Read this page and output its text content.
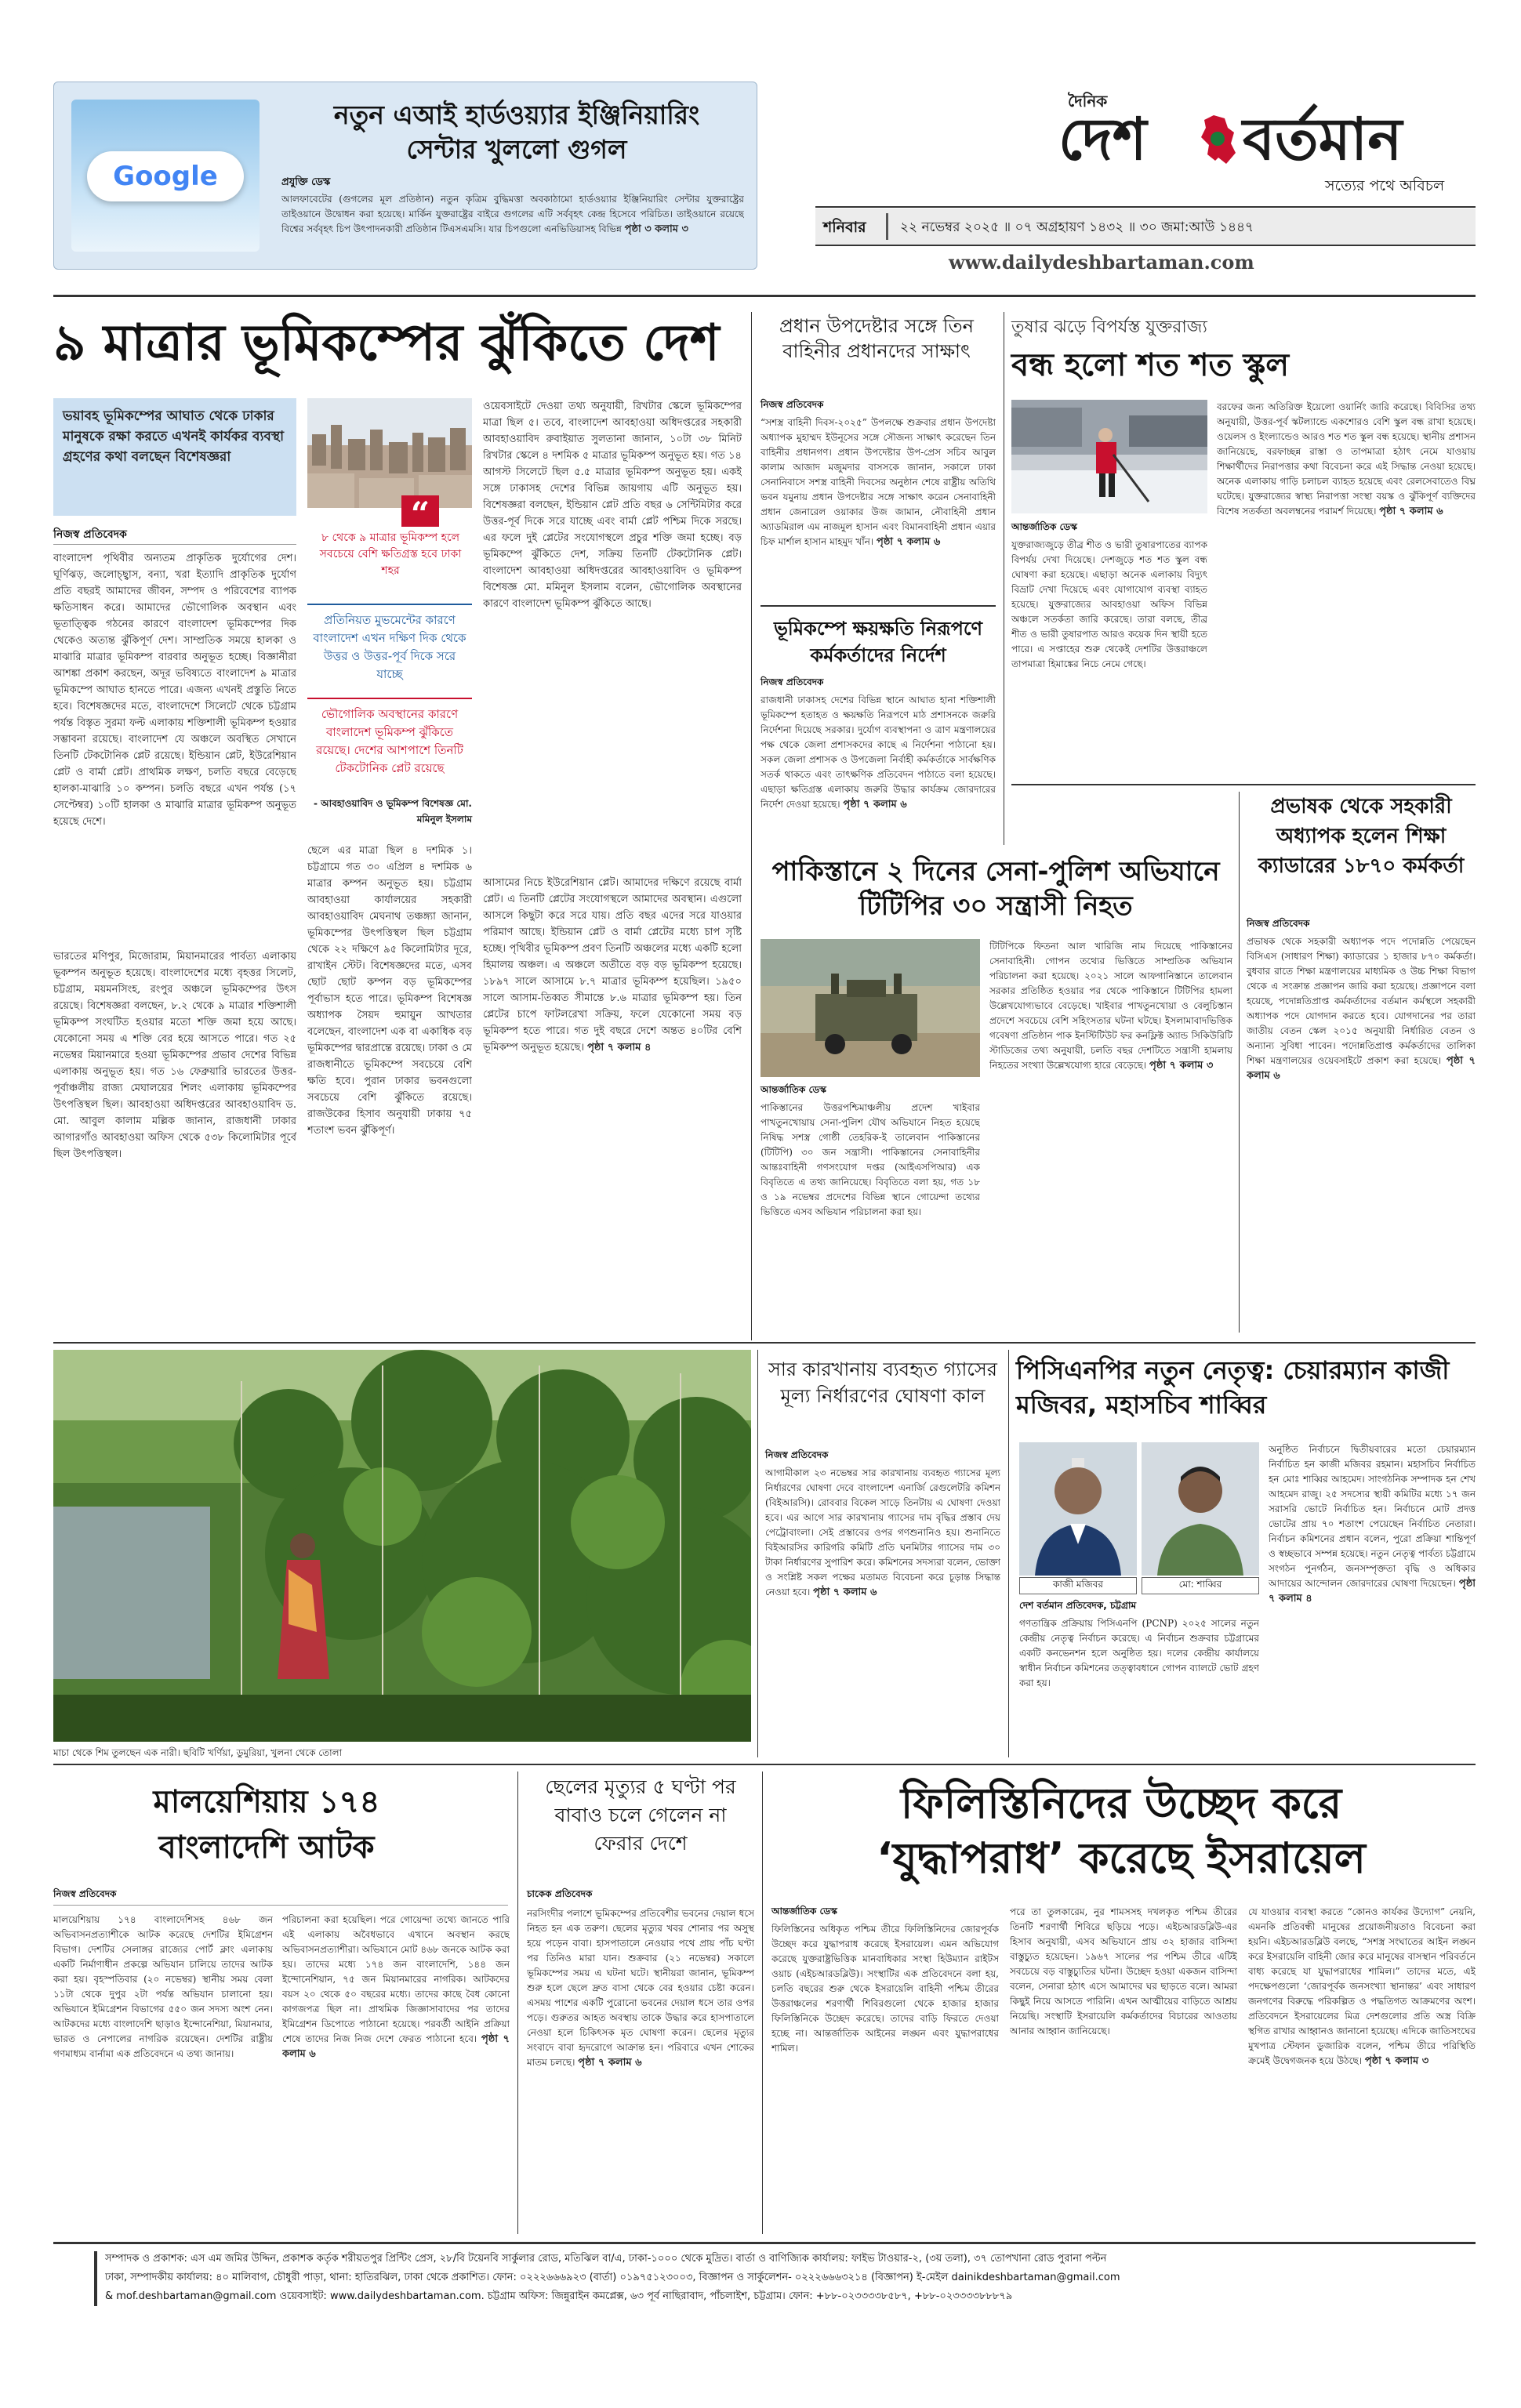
Google
নতুন এআই হার্ডওয়্যার ইঞ্জিনিয়ারিং সেন্টার খুললো গুগল
প্রযুক্তি ডেস্ক
আলফাবেটের (গুগলের মূল প্রতিষ্ঠান) নতুন কৃত্রিম বুদ্ধিমত্তা অবকাঠামো হার্ডওয়্যার ইঞ্জিনিয়ারিং সেন্টার যুক্তরাষ্ট্রের তাইওয়ানে উদ্বোধন করা হয়েছে। মার্কিন যুক্তরাষ্ট্রের বাইরে গুগলের এটি সর্ববৃহৎ কেন্দ্র হিসেবে পরিচিত। তাইওয়ানে রয়েছে বিশ্বের সর্ববৃহৎ চিপ উৎপাদনকারী প্রতিষ্ঠান টিএসএমসি। যার চিপগুলো এনভিডিয়াসহ বিভিন্ন পৃষ্ঠা ৩ কলাম ৩
দৈনিক
দেশ বর্তমান
সত্যের পথে অবিচল
শনিবার	২২ নভেম্বর ২০২৫ ॥ ০৭ অগ্রহায়ণ ১৪৩২ ॥ ৩০ জমা:আউ ১৪৪৭
www.dailydeshbartaman.com
৯ মাত্রার ভূমিকম্পের ঝুঁকিতে দেশ
ভয়াবহ ভূমিকম্পের আঘাত থেকে ঢাকার মানুষকে রক্ষা করতে এখনই কার্যকর ব্যবস্থা গ্রহণের কথা বলছেন বিশেষজ্ঞরা
নিজস্ব প্রতিবেদক
“
৮ থেকে ৯ মাত্রার ভূমিকম্প হলে সবচেয়ে বেশি ক্ষতিগ্রস্ত হবে ঢাকা শহর
প্রতিনিয়ত মুভমেন্টের কারণে বাংলাদেশ এখন দক্ষিণ দিক থেকে উত্তর ও উত্তর-পূর্ব দিকে সরে যাচ্ছে
ভৌগোলিক অবস্থানের কারণে বাংলাদেশ ভূমিকম্প ঝুঁকিতে রয়েছে। দেশের আশপাশে তিনটি টেকটোনিক প্লেট রয়েছে
- আবহাওয়াবিদ ও ভূমিকম্প বিশেষজ্ঞ মো. মমিনুল ইসলাম
বাংলাদেশ পৃথিবীর অন্যতম প্রাকৃতিক দুর্যোগের দেশ। ঘূর্ণিঝড়, জলোচ্ছ্বাস, বন্যা, খরা ইত্যাদি প্রাকৃতিক দুর্যোগ প্রতি বছরই আমাদের জীবন, সম্পদ ও পরিবেশের ব্যাপক ক্ষতিসাধন করে। আমাদের ভৌগোলিক অবস্থান এবং ভূতাত্ত্বিক গঠনের কারণে বাংলাদেশ ভূমিকম্পের দিক থেকেও অত্যন্ত ঝুঁকিপূর্ণ দেশ। সাম্প্রতিক সময়ে হালকা ও মাঝারি মাত্রার ভূমিকম্প বারবার অনুভূত হচ্ছে। বিজ্ঞানীরা আশঙ্কা প্রকাশ করছেন, অদূর ভবিষ্যতে বাংলাদেশ ৯ মাত্রার ভূমিকম্পে আঘাত হানতে পারে। এজন্য এখনই প্রস্তুতি নিতে হবে। বিশেষজ্ঞদের মতে, বাংলাদেশে সিলেটে থেকে চট্টগ্রাম পর্যন্ত বিস্তৃত সুরমা ফল্ট এলাকায় শক্তিশালী ভূমিকম্প হওয়ার সম্ভাবনা রয়েছে। বাংলাদেশ যে অঞ্চলে অবস্থিত সেখানে তিনটি টেকটোনিক প্লেট রয়েছে। ইন্ডিয়ান প্লেট, ইউরেশিয়ান প্লেট ও বার্মা প্লেট। প্রাথমিক লক্ষণ, চলতি বছরে বেড়েছে হালকা-মাঝারি ১০ কম্পন। চলতি বছরে এখন পর্যন্ত (১৭ সেপ্টেম্বর) ১০টি হালকা ও মাঝারি মাত্রার ভূমিকম্প অনুভূত হয়েছে দেশে।
ভারতের মণিপুর, মিজোরাম, মিয়ানমারের পার্বত্য এলাকায় ভূকম্পন অনুভূত হয়েছে। বাংলাদেশের মধ্যে বৃহত্তর সিলেট, চট্টগ্রাম, ময়মনসিংহ, রংপুর অঞ্চলে ভূমিকম্পের উৎস রয়েছে। বিশেষজ্ঞরা বলছেন, ৮.২ থেকে ৯ মাত্রার শক্তিশালী ভূমিকম্প সংঘটিত হওয়ার মতো শক্তি জমা হয়ে আছে। যেকোনো সময় এ শক্তি বের হয়ে আসতে পারে। গত ২৫ নভেম্বর মিয়ানমারে হওয়া ভূমিকম্পের প্রভাব দেশের বিভিন্ন এলাকায় অনুভূত হয়। গত ১৬ ফেব্রুয়ারি ভারতের উত্তর-পূর্বাঞ্চলীয় রাজ্য মেঘালয়ের শিলং এলাকায় ভূমিকম্পের উৎপত্তিস্থল ছিল। আবহাওয়া অধিদপ্তরের আবহাওয়াবিদ ড. মো. আবুল কালাম মল্লিক জানান, রাজধানী ঢাকার আগারগাঁও আবহাওয়া অফিস থেকে ৫৩৮ কিলোমিটার পূর্বে ছিল উৎপত্তিস্থল।
ছেলে এর মাত্রা ছিল ৪ দশমিক ১। চট্টগ্রামে গত ৩০ এপ্রিল ৪ দশমিক ৬ মাত্রার কম্পন অনুভূত হয়। চট্টগ্রাম আবহাওয়া কার্যালয়ের সহকারী আবহাওয়াবিদ মেঘনাথ তঞ্চঙ্গ্যা জানান, ভূমিকম্পের উৎপত্তিস্থল ছিল চট্টগ্রাম থেকে ২২ দক্ষিণে ৯৫ কিলোমিটার দূরে, রাখাইন স্টেট। বিশেষজ্ঞদের মতে, এসব ছোট ছোট কম্পন বড় ভূমিকম্পের পূর্বাভাস হতে পারে। ভূমিকম্প বিশেষজ্ঞ অধ্যাপক সৈয়দ হুমায়ুন আখতার বলেছেন, বাংলাদেশ এক বা একাধিক বড় ভূমিকম্পের দ্বারপ্রান্তে রয়েছে। ঢাকা ও মে রাজধানীতে ভূমিকম্পে সবচেয়ে বেশি ক্ষতি হবে। পুরান ঢাকার ভবনগুলো সবচেয়ে বেশি ঝুঁকিতে রয়েছে। রাজউকের হিসাব অনুযায়ী ঢাকায় ৭৫ শতাংশ ভবন ঝুঁকিপূর্ণ।
ওয়েবসাইটে দেওয়া তথ্য অনুযায়ী, রিখটার স্কেলে ভূমিকম্পের মাত্রা ছিল ৫। তবে, বাংলাদেশ আবহাওয়া অধিদপ্তরের সহকারী আবহাওয়াবিদ রুবাইয়াত সুলতানা জানান, ১০টা ৩৮ মিনিট রিখটার স্কেলে ৪ দশমিক ৫ মাত্রার ভূমিকম্প অনুভূত হয়। গত ১৪ আগস্ট সিলেটে ছিল ৫.৫ মাত্রার ভূমিকম্প অনুভূত হয়। একই সঙ্গে ঢাকাসহ দেশের বিভিন্ন জায়গায় এটি অনুভূত হয়। বিশেষজ্ঞরা বলছেন, ইন্ডিয়ান প্লেট প্রতি বছর ৬ সেন্টিমিটার করে উত্তর-পূর্ব দিকে সরে যাচ্ছে এবং বার্মা প্লেট পশ্চিম দিকে সরছে। এর ফলে দুই প্লেটের সংযোগস্থলে প্রচুর শক্তি জমা হচ্ছে। বড় ভূমিকম্পে ঝুঁকিতে দেশ, সক্রিয় তিনটি টেকটোনিক প্লেট। বাংলাদেশ আবহাওয়া অধিদপ্তরের আবহাওয়াবিদ ও ভূমিকম্প বিশেষজ্ঞ মো. মমিনুল ইসলাম বলেন, ভৌগোলিক অবস্থানের কারণে বাংলাদেশ ভূমিকম্প ঝুঁকিতে আছে।
আসামের নিচে ইউরেশিয়ান প্লেট। আমাদের দক্ষিণে রয়েছে বার্মা প্লেট। এ তিনটি প্লেটের সংযোগস্থলে আমাদের অবস্থান। এগুলো আসলে কিছুটা করে সরে যায়। প্রতি বছর এদের সরে যাওয়ার পরিমাণ আছে। ইন্ডিয়ান প্লেট ও বার্মা প্লেটের মধ্যে চাপ সৃষ্টি হচ্ছে। পৃথিবীর ভূমিকম্প প্রবণ তিনটি অঞ্চলের মধ্যে একটি হলো হিমালয় অঞ্চল। এ অঞ্চলে অতীতে বড় বড় ভূমিকম্প হয়েছে। ১৮৯৭ সালে আসামে ৮.৭ মাত্রার ভূমিকম্প হয়েছিল। ১৯৫০ সালে আসাম-তিব্বত সীমান্তে ৮.৬ মাত্রার ভূমিকম্প হয়। তিন প্লেটের চাপে ফাটলরেখা সক্রিয়, ফলে যেকোনো সময় বড় ভূমিকম্প হতে পারে। গত দুই বছরে দেশে অন্তত ৪০টির বেশি ভূমিকম্প অনুভূত হয়েছে। পৃষ্ঠা ৭ কলাম ৪
প্রধান উপদেষ্টার সঙ্গে তিন বাহিনীর প্রধানদের সাক্ষাৎ
নিজস্ব প্রতিবেদক
“সশস্ত্র বাহিনী দিবস-২০২৫” উপলক্ষে শুক্রবার প্রধান উপদেষ্টা অধ্যাপক মুহাম্মদ ইউনূসের সঙ্গে সৌজন্য সাক্ষাৎ করেছেন তিন বাহিনীর প্রধানগণ। প্রধান উপদেষ্টার উপ-প্রেস সচিব আবুল কালাম আজাদ মজুমদার বাসসকে জানান, সকালে ঢাকা সেনানিবাসে সশস্ত্র বাহিনী দিবসের অনুষ্ঠান শেষে রাষ্ট্রীয় অতিথি ভবন যমুনায় প্রধান উপদেষ্টার সঙ্গে সাক্ষাৎ করেন সেনাবাহিনী প্রধান জেনারেল ওয়াকার উজ জামান, নৌবাহিনী প্রধান অ্যাডমিরাল এম নাজমুল হাসান এবং বিমানবাহিনী প্রধান এয়ার চিফ মার্শাল হাসান মাহমুদ খাঁন। পৃষ্ঠা ৭ কলাম ৬
ভূমিকম্পে ক্ষয়ক্ষতি নিরূপণে কর্মকর্তাদের নির্দেশ
নিজস্ব প্রতিবেদক
রাজধানী ঢাকাসহ দেশের বিভিন্ন স্থানে আঘাত হানা শক্তিশালী ভূমিকম্পে হতাহত ও ক্ষয়ক্ষতি নিরূপণে মাঠ প্রশাসনকে জরুরি নির্দেশনা দিয়েছে সরকার। দুর্যোগ ব্যবস্থাপনা ও ত্রাণ মন্ত্রণালয়ের পক্ষ থেকে জেলা প্রশাসকদের কাছে এ নির্দেশনা পাঠানো হয়। সকল জেলা প্রশাসক ও উপজেলা নির্বাহী কর্মকর্তাকে সার্বক্ষণিক সতর্ক থাকতে এবং তাৎক্ষণিক প্রতিবেদন পাঠাতে বলা হয়েছে। এছাড়া ক্ষতিগ্রস্ত এলাকায় জরুরি উদ্ধার কার্যক্রম জোরদারের নির্দেশ দেওয়া হয়েছে। পৃষ্ঠা ৭ কলাম ৬
তুষার ঝড়ে বিপর্যস্ত যুক্তরাজ্য
বন্ধ হলো শত শত স্কুল
আন্তর্জাতিক ডেস্ক
যুক্তরাজ্যজুড়ে তীব্র শীত ও ভারী তুষারপাতের ব্যাপক বিপর্যয় দেখা দিয়েছে। দেশজুড়ে শত শত স্কুল বন্ধ ঘোষণা করা হয়েছে। এছাড়া অনেক এলাকায় বিদ্যুৎ বিভ্রাট দেখা দিয়েছে এবং যোগাযোগ ব্যবস্থা ব্যাহত হয়েছে। যুক্তরাজ্যের আবহাওয়া অফিস বিভিন্ন অঞ্চলে সতর্কতা জারি করেছে। তারা বলছে, তীব্র শীত ও ভারী তুষারপাত আরও কয়েক দিন স্থায়ী হতে পারে। এ সপ্তাহের শুরু থেকেই দেশটির উত্তরাঞ্চলে তাপমাত্রা হিমাঙ্কের নিচে নেমে গেছে।
বরফের জন্য অতিরিক্ত ইয়েলো ওয়ার্নিং জারি করেছে। বিবিসির তথ্য অনুযায়ী, উত্তর-পূর্ব স্কটল্যান্ডে একশোরও বেশি স্কুল বন্ধ রাখা হয়েছে। ওয়েলস ও ইংল্যান্ডেও আরও শত শত স্কুল বন্ধ হয়েছে। স্থানীয় প্রশাসন জানিয়েছে, বরফাচ্ছন্ন রাস্তা ও তাপমাত্রা হঠাৎ নেমে যাওয়ায় শিক্ষার্থীদের নিরাপত্তার কথা বিবেচনা করে এই সিদ্ধান্ত নেওয়া হয়েছে। অনেক এলাকায় গাড়ি চলাচল ব্যাহত হয়েছে এবং রেলসেবাতেও বিঘ্ন ঘটেছে। যুক্তরাজ্যের স্বাস্থ্য নিরাপত্তা সংস্থা বয়স্ক ও ঝুঁকিপূর্ণ ব্যক্তিদের বিশেষ সতর্কতা অবলম্বনের পরামর্শ দিয়েছে। পৃষ্ঠা ৭ কলাম ৬
প্রভাষক থেকে সহকারী অধ্যাপক হলেন শিক্ষা ক্যাডারের ১৮৭০ কর্মকর্তা
নিজস্ব প্রতিবেদক
প্রভাষক থেকে সহকারী অধ্যাপক পদে পদোন্নতি পেয়েছেন বিসিএস (সাধারণ শিক্ষা) ক্যাডারের ১ হাজার ৮৭০ কর্মকর্তা। বুধবার রাতে শিক্ষা মন্ত্রণালয়ের মাধ্যমিক ও উচ্চ শিক্ষা বিভাগ থেকে এ সংক্রান্ত প্রজ্ঞাপন জারি করা হয়েছে। প্রজ্ঞাপনে বলা হয়েছে, পদোন্নতিপ্রাপ্ত কর্মকর্তাদের বর্তমান কর্মস্থলে সহকারী অধ্যাপক পদে যোগদান করতে হবে। যোগদানের পর তারা জাতীয় বেতন স্কেল ২০১৫ অনুযায়ী নির্ধারিত বেতন ও অন্যান্য সুবিধা পাবেন। পদোন্নতিপ্রাপ্ত কর্মকর্তাদের তালিকা শিক্ষা মন্ত্রণালয়ের ওয়েবসাইটে প্রকাশ করা হয়েছে। পৃষ্ঠা ৭ কলাম ৬
পাকিস্তানে ২ দিনের সেনা-পুলিশ অভিযানে টিটিপির ৩০ সন্ত্রাসী নিহত
আন্তর্জাতিক ডেস্ক
পাকিস্তানের উত্তরপশ্চিমাঞ্চলীয় প্রদেশ খাইবার পাখতুনখোয়ায় সেনা-পুলিশ যৌথ অভিযানে নিহত হয়েছে নিষিদ্ধ সশস্ত্র গোষ্ঠী তেহরিক-ই তালেবান পাকিস্তানের (টিটিপি) ৩০ জন সন্ত্রাসী। পাকিস্তানের সেনাবাহিনীর আন্তঃবাহিনী গণসংযোগ দপ্তর (আইএসপিআর) এক বিবৃতিতে এ তথ্য জানিয়েছে। বিবৃতিতে বলা হয়, গত ১৮ ও ১৯ নভেম্বর প্রদেশের বিভিন্ন স্থানে গোয়েন্দা তথ্যের ভিত্তিতে এসব অভিযান পরিচালনা করা হয়।
টিটিপিকে ফিতনা আল খারিজি নাম দিয়েছে পাকিস্তানের সেনাবাহিনী। গোপন তথ্যের ভিত্তিতে সাম্প্রতিক অভিযান পরিচালনা করা হয়েছে। ২০২১ সালে আফগানিস্তানে তালেবান সরকার প্রতিষ্ঠিত হওয়ার পর থেকে পাকিস্তানে টিটিপির হামলা উল্লেখযোগ্যভাবে বেড়েছে। খাইবার পাখতুনখোয়া ও বেলুচিস্তান প্রদেশে সবচেয়ে বেশি সহিংসতার ঘটনা ঘটছে। ইসলামাবাদভিত্তিক গবেষণা প্রতিষ্ঠান পাক ইনস্টিটিউট ফর কনফ্লিক্ট অ্যান্ড সিকিউরিটি স্টাডিজের তথ্য অনুযায়ী, চলতি বছর দেশটিতে সন্ত্রাসী হামলায় নিহতের সংখ্যা উল্লেখযোগ্য হারে বেড়েছে। পৃষ্ঠা ৭ কলাম ৩
মাচা থেকে শিম তুলছেন এক নারী। ছবিটি খর্ণিয়া, ডুমুরিয়া, খুলনা থেকে তোলা
সার কারখানায় ব্যবহৃত গ্যাসের মূল্য নির্ধারণের ঘোষণা কাল
নিজস্ব প্রতিবেদক
আগামীকাল ২৩ নভেম্বর সার কারখানায় ব্যবহৃত গ্যাসের মূল্য নির্ধারণের ঘোষণা দেবে বাংলাদেশ এনার্জি রেগুলেটরি কমিশন (বিইআরসি)। রোববার বিকেল সাড়ে তিনটায় এ ঘোষণা দেওয়া হবে। এর আগে সার কারখানায় গ্যাসের দাম বৃদ্ধির প্রস্তাব দেয় পেট্রোবাংলা। সেই প্রস্তাবের ওপর গণশুনানিও হয়। শুনানিতে বিইআরসির কারিগরি কমিটি প্রতি ঘনমিটার গ্যাসের দাম ৩০ টাকা নির্ধারণের সুপারিশ করে। কমিশনের সদস্যরা বলেন, ভোক্তা ও সংশ্লিষ্ট সকল পক্ষের মতামত বিবেচনা করে চূড়ান্ত সিদ্ধান্ত নেওয়া হবে। পৃষ্ঠা ৭ কলাম ৬
পিসিএনপির নতুন নেতৃত্ব: চেয়ারম্যান কাজী মজিবর, মহাসচিব শাব্বির
কাজী মজিবর	মো: শাব্বির
দেশ বর্তমান প্রতিবেদক, চট্টগ্রাম
গণতান্ত্রিক প্রক্রিয়ায় পিসিএনপি (PCNP) ২০২৫ সালের নতুন কেন্দ্রীয় নেতৃত্ব নির্বাচন করেছে। এ নির্বাচন শুক্রবার চট্টগ্রামের একটি কনভেনশন হলে অনুষ্ঠিত হয়। দলের কেন্দ্রীয় কার্যালয়ে স্বাধীন নির্বাচন কমিশনের তত্ত্বাবধানে গোপন ব্যালটে ভোট গ্রহণ করা হয়।
অনুষ্ঠিত নির্বাচনে দ্বিতীয়বারের মতো চেয়ারম্যান নির্বাচিত হন কাজী মজিবর রহমান। মহাসচিব নির্বাচিত হন মোঃ শাব্বির আহমেদ। সাংগঠনিক সম্পাদক হন শেখ আহমেদ রাজু। ২৫ সদস্যের স্থায়ী কমিটির মধ্যে ১৭ জন সরাসরি ভোটে নির্বাচিত হন। নির্বাচনে মোট প্রদত্ত ভোটের প্রায় ৭০ শতাংশ পেয়েছেন নির্বাচিত নেতারা। নির্বাচন কমিশনের প্রধান বলেন, পুরো প্রক্রিয়া শান্তিপূর্ণ ও স্বচ্ছভাবে সম্পন্ন হয়েছে। নতুন নেতৃত্ব পার্বত্য চট্টগ্রামে সংগঠন পুনর্গঠন, জনসম্পৃক্ততা বৃদ্ধি ও অধিকার আদায়ের আন্দোলন জোরদারের ঘোষণা দিয়েছেন। পৃষ্ঠা ৭ কলাম ৪
মালয়েশিয়ায় ১৭৪ বাংলাদেশি আটক
নিজস্ব প্রতিবেদক
মালয়েশিয়ায় ১৭৪ বাংলাদেশিসহ ৪৬৮ জন অভিবাসনপ্রত্যাশীকে আটক করেছে দেশটির ইমিগ্রেশন বিভাগ। দেশটির সেলাঙ্গর রাজ্যের পোর্ট ক্লাং এলাকায় একটি নির্মাণাধীন প্রকল্পে অভিযান চালিয়ে তাদের আটক করা হয়। বৃহস্পতিবার (২০ নভেম্বর) স্থানীয় সময় বেলা ১১টা থেকে দুপুর ২টা পর্যন্ত অভিযান চালানো হয়। অভিযানে ইমিগ্রেশন বিভাগের ৫৫০ জন সদস্য অংশ নেন। আটকদের মধ্যে বাংলাদেশি ছাড়াও ইন্দোনেশিয়া, মিয়ানমার, ভারত ও নেপালের নাগরিক রয়েছেন। দেশটির রাষ্ট্রীয় গণমাধ্যম বার্নামা এক প্রতিবেদনে এ তথ্য জানায়।
পরিচালনা করা হয়েছিল। পরে গোয়েন্দা তথ্যে জানতে পারি এই এলাকায় অবৈধভাবে এখানে অবস্থান করছে অভিবাসনপ্রত্যাশীরা। অভিযানে মোট ৪৬৮ জনকে আটক করা হয়। তাদের মধ্যে ১৭৪ জন বাংলাদেশি, ১৪৪ জন ইন্দোনেশিয়ান, ৭৫ জন মিয়ানমারের নাগরিক। আটকদের বয়স ২০ থেকে ৫০ বছরের মধ্যে। তাদের কাছে বৈধ কোনো কাগজপত্র ছিল না। প্রাথমিক জিজ্ঞাসাবাদের পর তাদের ইমিগ্রেশন ডিপোতে পাঠানো হয়েছে। পরবর্তী আইনি প্রক্রিয়া শেষে তাদের নিজ নিজ দেশে ফেরত পাঠানো হবে। পৃষ্ঠা ৭ কলাম ৬
ছেলের মৃত্যুর ৫ ঘণ্টা পর বাবাও চলে গেলেন না ফেরার দেশে
চাকেক প্রতিবেদক
নরসিংদীর পলাশে ভূমিকম্পের প্রতিবেশীর ভবনের দেয়াল ধসে নিহত হন এক তরুণ। ছেলের মৃত্যুর খবর শোনার পর অসুস্থ হয়ে পড়েন বাবা। হাসপাতালে নেওয়ার পথে প্রায় পাঁচ ঘণ্টা পর তিনিও মারা যান। শুক্রবার (২১ নভেম্বর) সকালে ভূমিকম্পের সময় এ ঘটনা ঘটে। স্থানীয়রা জানান, ভূমিকম্প শুরু হলে ছেলে দ্রুত বাসা থেকে বের হওয়ার চেষ্টা করেন। এসময় পাশের একটি পুরোনো ভবনের দেয়াল ধসে তার ওপর পড়ে। গুরুতর আহত অবস্থায় তাকে উদ্ধার করে হাসপাতালে নেওয়া হলে চিকিৎসক মৃত ঘোষণা করেন। ছেলের মৃত্যুর সংবাদে বাবা হৃদরোগে আক্রান্ত হন। পরিবারে এখন শোকের মাতম চলছে। পৃষ্ঠা ৭ কলাম ৬
ফিলিস্তিনিদের উচ্ছেদ করে ‘যুদ্ধাপরাধ’ করেছে ইসরায়েল
আন্তর্জাতিক ডেস্ক
ফিলিস্তিনের অধিকৃত পশ্চিম তীরে ফিলিস্তিনিদের জোরপূর্বক উচ্ছেদ করে যুদ্ধাপরাধ করেছে ইসরায়েল। এমন অভিযোগ করেছে যুক্তরাষ্ট্রভিত্তিক মানবাধিকার সংস্থা হিউম্যান রাইটস ওয়াচ (এইচআরডব্লিউ)। সংস্থাটির এক প্রতিবেদনে বলা হয়, চলতি বছরের শুরু থেকে ইসরায়েলি বাহিনী পশ্চিম তীরের উত্তরাঞ্চলের শরণার্থী শিবিরগুলো থেকে হাজার হাজার ফিলিস্তিনিকে উচ্ছেদ করেছে। তাদের বাড়ি ফিরতে দেওয়া হচ্ছে না। আন্তর্জাতিক আইনের লঙ্ঘন এবং যুদ্ধাপরাধের শামিল।
পরে তা তুলকারেম, নুর শামসসহ দখলকৃত পশ্চিম তীরের তিনটি শরণার্থী শিবিরে ছড়িয়ে পড়ে। এইচআরডব্লিউ-এর হিসাব অনুযায়ী, এসব অভিযানে প্রায় ৩২ হাজার বাসিন্দা বাস্তুচ্যুত হয়েছেন। ১৯৬৭ সালের পর পশ্চিম তীরে এটিই সবচেয়ে বড় বাস্তুচ্যুতির ঘটনা। উচ্ছেদ হওয়া একজন বাসিন্দা বলেন, সেনারা হঠাৎ এসে আমাদের ঘর ছাড়তে বলে। আমরা কিছুই নিয়ে আসতে পারিনি। এখন আত্মীয়ের বাড়িতে আশ্রয় নিয়েছি। সংস্থাটি ইসরায়েলি কর্মকর্তাদের বিচারের আওতায় আনার আহ্বান জানিয়েছে।
যে যাওয়ার ব্যবস্থা করতে “কোনও কার্যকর উদ্যোগ” নেয়নি, এমনকি প্রতিবন্ধী মানুষের প্রয়োজনীয়তাও বিবেচনা করা হয়নি। এইচআরডব্লিউ বলছে, “সশস্ত্র সংঘাতের আইন লঙ্ঘন করে ইসরায়েলি বাহিনী জোর করে মানুষের বাসস্থান পরিবর্তনে বাধ্য করেছে যা যুদ্ধাপরাধের শামিল।” তাদের মতে, এই পদক্ষেপগুলো ‘জোরপূর্বক জনসংখ্যা স্থানান্তর’ এবং সাধারণ জনগণের বিরুদ্ধে পরিকল্পিত ও পদ্ধতিগত আক্রমণের অংশ। প্রতিবেদনে ইসরায়েলের মিত্র দেশগুলোর প্রতি অস্ত্র বিক্রি স্থগিত রাখার আহ্বানও জানানো হয়েছে। এদিকে জাতিসংঘের মুখপাত্র স্টেফান ডুজারিক বলেন, পশ্চিম তীরে পরিস্থিতি ক্রমেই উদ্বেগজনক হয়ে উঠছে। পৃষ্ঠা ৭ কলাম ৩
সম্পাদক ও প্রকাশক: এস এম জমির উদ্দিন, প্রকাশক কর্তৃক শরীয়তপুর প্রিন্টিং প্রেস, ২৮/বি টয়েনবি সার্কুলার রোড, মতিঝিল বা/এ, ঢাকা-১০০০ থেকে মুদ্রিত। বার্তা ও বাণিজ্যিক কার্যালয়: ফাইভ টাওয়ার-২, (৩য় তলা), ৩৭ তোপখানা রোড পুরানা পল্টন
ঢাকা, সম্পাদকীয় কার্যালয়: ৪০ মালিবাগ, চৌধুরী পাড়া, থানা: হাতিরঝিল, ঢাকা থেকে প্রকাশিত। ফোন: ০২২২৬৬৬৯২৩ (বার্তা) ০১৯৭৫১২৩০০৩, বিজ্ঞাপন ও সার্কুলেশন- ০২২২৬৬৬৩২১৪ (বিজ্ঞাপন) ই-মেইল dainikdeshbartaman@gmail.com
& mof.deshbartaman@gmail.com ওয়েবসাইট: www.dailydeshbartaman.com. চট্টগ্রাম অফিস: জিন্নুরাইন কমপ্লেক্স, ৬৩ পূর্ব নাছিরাবাদ, পাঁচলাইশ, চট্টগ্রাম। ফোন: +৮৮-০২৩৩৩৩৮৫৮৭, +৮৮-০২৩৩৩৩৮৮৮৭৯
